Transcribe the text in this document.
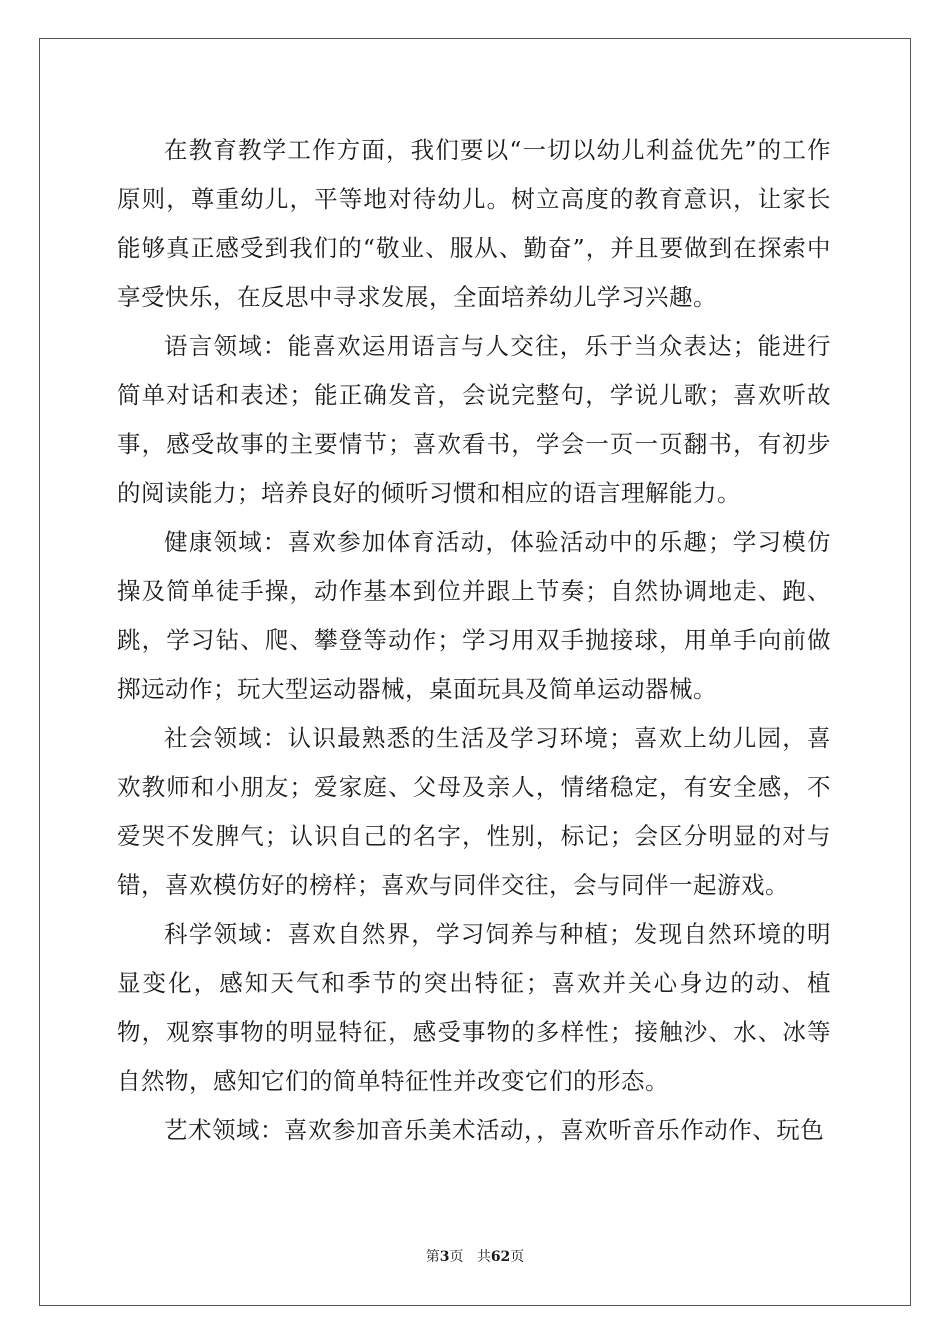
在教育教学工作方面，我们要以“一切以幼儿利益优先”的工作原则，尊重幼儿，平等地对待幼儿。树立高度的教育意识，让家长能够真正感受到我们的“敬业、服从、勤奋”，并且要做到在探索中享受快乐，在反思中寻求发展，全面培养幼儿学习兴趣。

语言领域：能喜欢运用语言与人交往，乐于当众表达；能进行简单对话和表述；能正确发音，会说完整句，学说儿歌；喜欢听故事，感受故事的主要情节；喜欢看书，学会一页一页翻书，有初步的阅读能力；培养良好的倾听习惯和相应的语言理解能力。

健康领域：喜欢参加体育活动，体验活动中的乐趣；学习模仿操及简单徒手操，动作基本到位并跟上节奏；自然协调地走、跑、跳，学习钻、爬、攀登等动作；学习用双手抛接球，用单手向前做掷远动作；玩大型运动器械，桌面玩具及简单运动器械。

社会领域：认识最熟悉的生活及学习环境；喜欢上幼儿园，喜欢教师和小朋友；爱家庭、父母及亲人，情绪稳定，有安全感，不爱哭不发脾气；认识自己的名字，性别，标记；会区分明显的对与错，喜欢模仿好的榜样；喜欢与同伴交往，会与同伴一起游戏。

科学领域：喜欢自然界，学习饲养与种植；发现自然环境的明显变化，感知天气和季节的突出特征；喜欢并关心身边的动、植物，观察事物的明显特征，感受事物的多样性；接触沙、水、冰等自然物，感知它们的简单特征性并改变它们的形态。

艺术领域：喜欢参加音乐美术活动，，喜欢听音乐作动作、玩色

第3页 共62页
